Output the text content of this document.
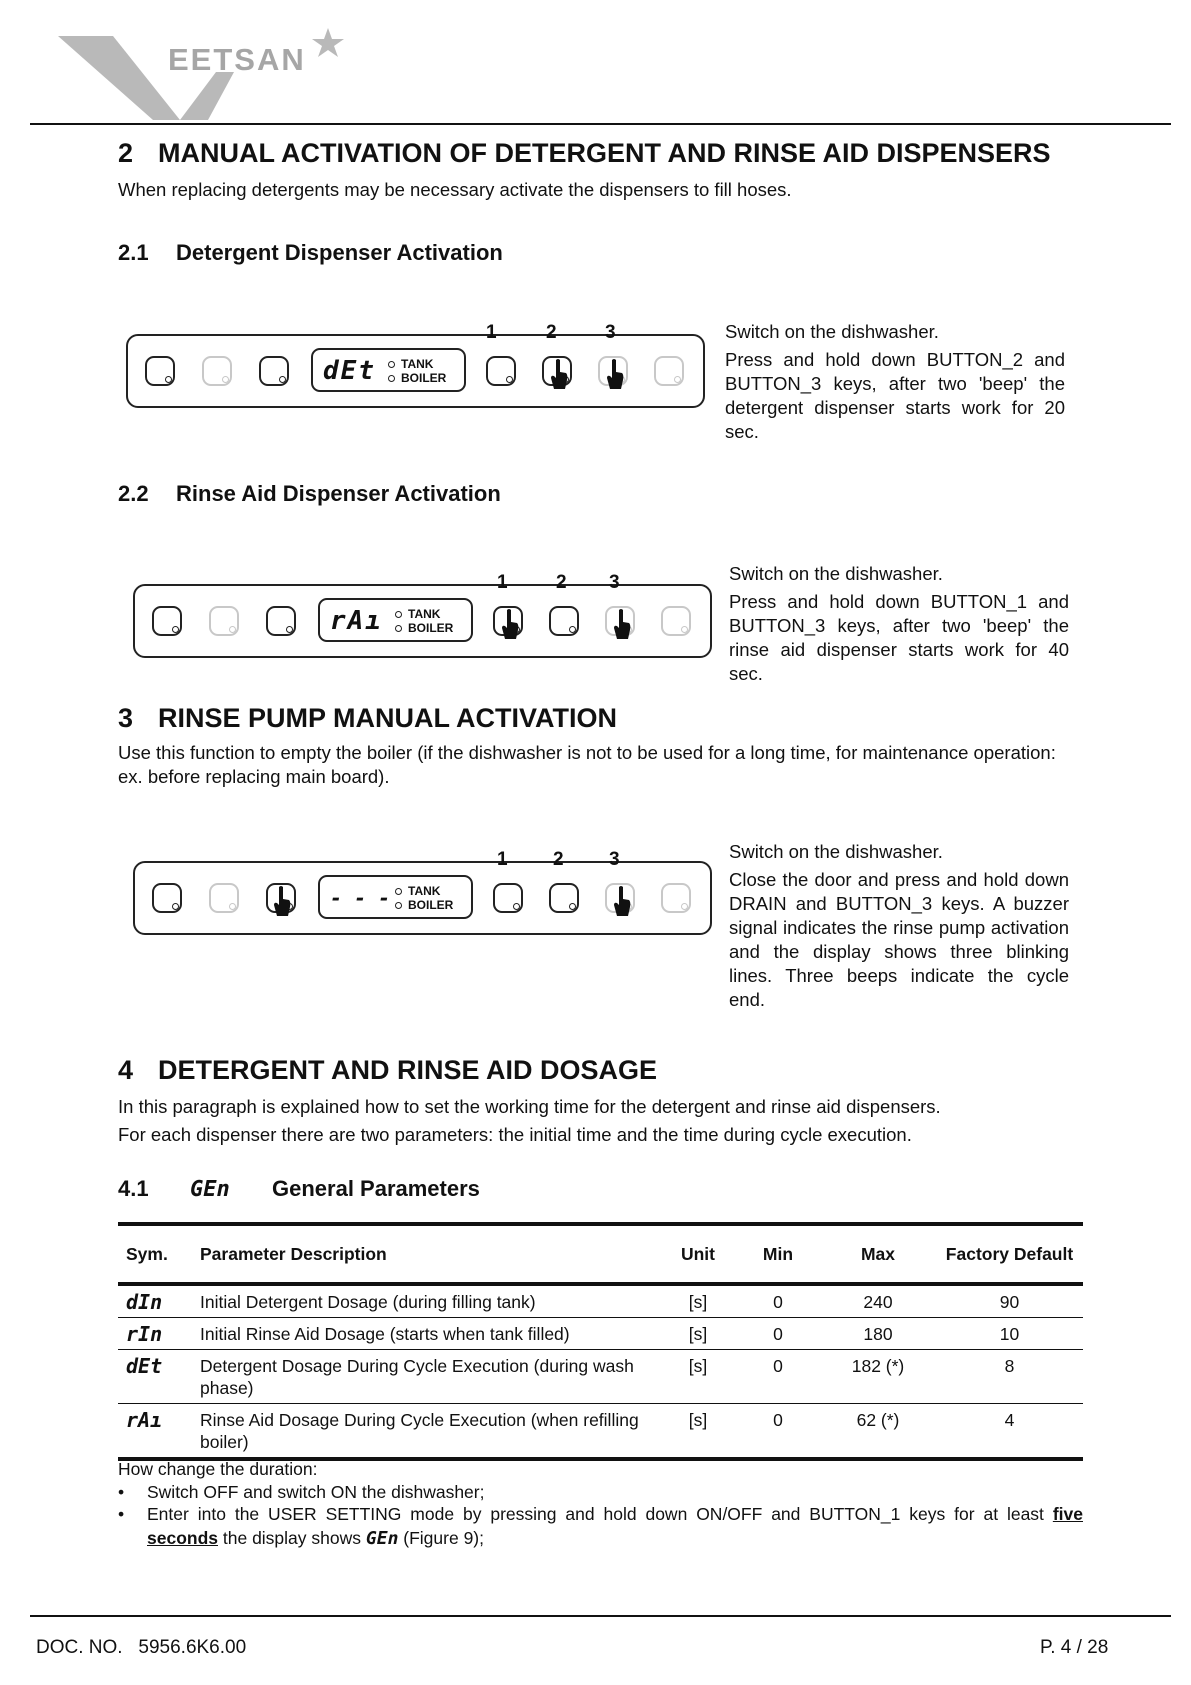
EETSAN
2 MANUAL ACTIVATION OF DETERGENT AND RINSE AID DISPENSERS

When replacing detergents may be necessary activate the dispensers to fill hoses.

2.1 Detergent Dispenser Activation
dEt	TANK
BOILER
1	2	3	Switch on the dishwasher.
Press and hold down BUTTON_2 and BUTTON_3 keys, after two 'beep' the detergent dispenser starts work for 20 sec.
2.2 Rinse Aid Dispenser Activation
rAı	TANK
BOILER
1	2 3	Switch on the dishwasher.
Press and hold down BUTTON_1 and BUTTON_3 keys, after two 'beep' the rinse aid dispenser starts work for 40 sec.
3 RINSE PUMP MANUAL ACTIVATION

Use this function to empty the boiler (if the dishwasher is not to be used for a long time, for maintenance operation: ex. before replacing main board).

- - -	TANK
BOILER
1 2 3	Switch on the dishwasher.
Close the door and press and hold down DRAIN and BUTTON_3 keys. A buzzer signal indicates the rinse pump activation and the display shows three blinking lines. Three beeps indicate the cycle end.
4 DETERGENT AND RINSE AID DOSAGE

In this paragraph is explained how to set the working time for the detergent and rinse aid dispensers.

For each dispenser there are two parameters: the initial time and the time during cycle execution.

4.1 GEn General Parameters
Sym.	Parameter Description	Unit	Min	Max	Factory Default
dIn	Initial Detergent Dosage (during filling tank)	[s]	0	240	90
rIn	Initial Rinse Aid Dosage (starts when tank filled)	[s]	0	180	10
dEt	Detergent Dosage During Cycle Execution (during wash phase)	[s]	0	182 (*)	8
rAı	Rinse Aid Dosage During Cycle Execution (when refilling boiler)	[s]	0	62 (*)	4

How change the duration:

• Switch OFF and switch ON the dishwasher;
• Enter into the USER SETTING mode by pressing and hold down ON/OFF and BUTTON_1 keys for at least five seconds the display shows GEn (Figure 9);
DOC. NO.   5956.6K6.00	P. 4 / 28
